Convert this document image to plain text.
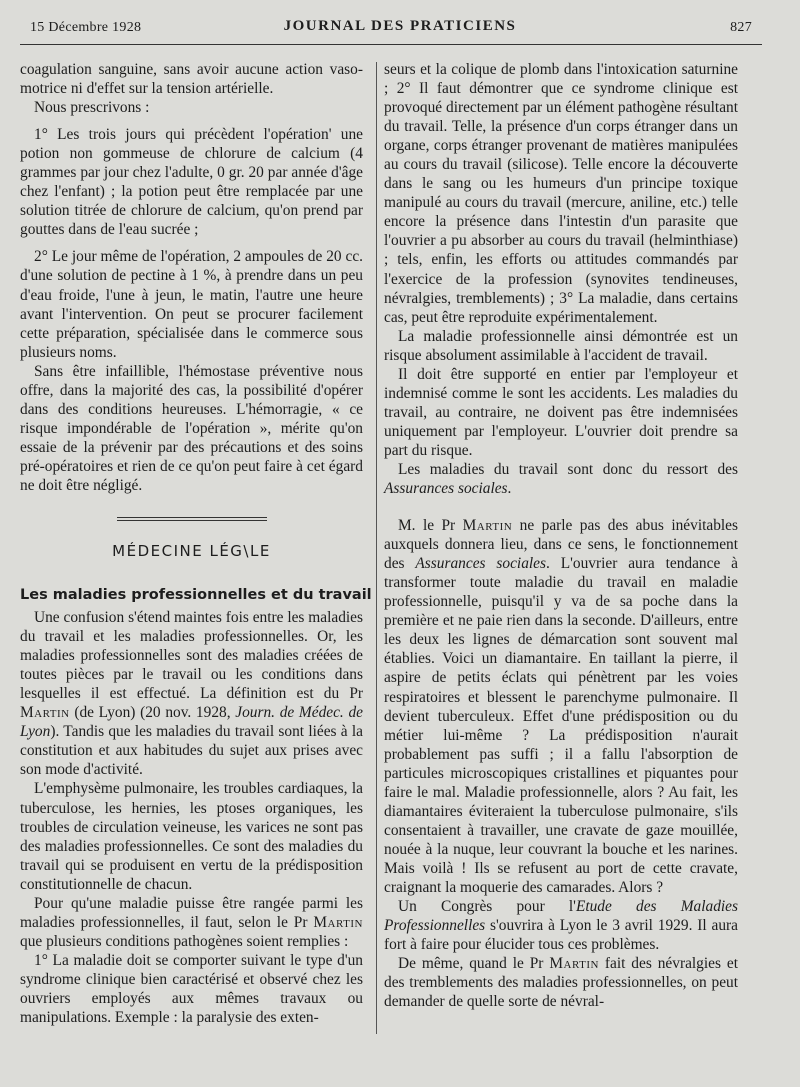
15 Décembre 1928	JOURNAL DES PRATICIENS	827

coagulation sanguine, sans avoir aucune action vaso-motrice ni d'effet sur la tension artérielle.

Nous prescrivons :

1° Les trois jours qui précèdent l'opération' une potion non gommeuse de chlorure de calcium (4 grammes par jour chez l'adulte, 0 gr. 20 par année d'âge chez l'enfant) ; la potion peut être remplacée par une solution titrée de chlorure de calcium, qu'on prend par gouttes dans de l'eau sucrée ;

2° Le jour même de l'opération, 2 ampoules de 20 cc. d'une solution de pectine à 1 %, à prendre dans un peu d'eau froide, l'une à jeun, le matin, l'autre une heure avant l'intervention. On peut se procurer facilement cette préparation, spécialisée dans le commerce sous plusieurs noms.

Sans être infaillible, l'hémostase préventive nous offre, dans la majorité des cas, la possibilité d'opérer dans des conditions heureuses. L'hémorragie, « ce risque impondérable de l'opération », mérite qu'on essaie de la prévenir par des précautions et des soins pré-opératoires et rien de ce qu'on peut faire à cet égard ne doit être négligé.

MÉDECINE LÉG\LE
Les maladies professionnelles et du travail

Une confusion s'étend maintes fois entre les maladies du travail et les maladies professionnelles. Or, les maladies professionnelles sont des maladies créées de toutes pièces par le travail ou les conditions dans lesquelles il est effectué. La définition est du Pr Martin (de Lyon) (20 nov. 1928, Journ. de Médec. de Lyon). Tandis que les maladies du travail sont liées à la constitution et aux habitudes du sujet aux prises avec son mode d'activité.

L'emphysème pulmonaire, les troubles cardiaques, la tuberculose, les hernies, les ptoses organiques, les troubles de circulation veineuse, les varices ne sont pas des maladies professionnelles. Ce sont des maladies du travail qui se produisent en vertu de la prédisposition constitutionnelle de chacun.

Pour qu'une maladie puisse être rangée parmi les maladies professionnelles, il faut, selon le Pr Martin que plusieurs conditions pathogènes soient remplies :

1° La maladie doit se comporter suivant le type d'un syndrome clinique bien caractérisé et observé chez les ouvriers employés aux mêmes travaux ou manipulations. Exemple : la paralysie des exten-

seurs et la colique de plomb dans l'intoxication saturnine ; 2° Il faut démontrer que ce syndrome clinique est provoqué directement par un élément pathogène résultant du travail. Telle, la présence d'un corps étranger dans un organe, corps étranger provenant de matières manipulées au cours du travail (silicose). Telle encore la découverte dans le sang ou les humeurs d'un principe toxique manipulé au cours du travail (mercure, aniline, etc.) telle encore la présence dans l'intestin d'un parasite que l'ouvrier a pu absorber au cours du travail (helminthiase) ; tels, enfin, les efforts ou attitudes commandés par l'exercice de la profession (synovites tendineuses, névralgies, tremblements) ; 3° La maladie, dans certains cas, peut être reproduite expérimentalement.

La maladie professionnelle ainsi démontrée est un risque absolument assimilable à l'accident de travail.

Il doit être supporté en entier par l'employeur et indemnisé comme le sont les accidents. Les maladies du travail, au contraire, ne doivent pas être indemnisées uniquement par l'employeur. L'ouvrier doit prendre sa part du risque.

Les maladies du travail sont donc du ressort des Assurances sociales.

M. le Pr Martin ne parle pas des abus inévitables auxquels donnera lieu, dans ce sens, le fonctionnement des Assurances sociales. L'ouvrier aura tendance à transformer toute maladie du travail en maladie professionnelle, puisqu'il y va de sa poche dans la première et ne paie rien dans la seconde. D'ailleurs, entre les deux les lignes de démarcation sont souvent mal établies. Voici un diamantaire. En taillant la pierre, il aspire de petits éclats qui pénètrent par les voies respiratoires et blessent le parenchyme pulmonaire. Il devient tuberculeux. Effet d'une prédisposition ou du métier lui-même ? La prédisposition n'aurait probablement pas suffi ; il a fallu l'absorption de particules microscopiques cristallines et piquantes pour faire le mal. Maladie professionnelle, alors ? Au fait, les diamantaires éviteraient la tuberculose pulmonaire, s'ils consentaient à travailler, une cravate de gaze mouillée, nouée à la nuque, leur couvrant la bouche et les narines. Mais voilà ! Ils se refusent au port de cette cravate, craignant la moquerie des camarades. Alors ?

Un Congrès pour l'Etude des Maladies Professionnelles s'ouvrira à Lyon le 3 avril 1929. Il aura fort à faire pour élucider tous ces problèmes.

De même, quand le Pr Martin fait des névralgies et des tremblements des maladies professionnelles, on peut demander de quelle sorte de névral-
